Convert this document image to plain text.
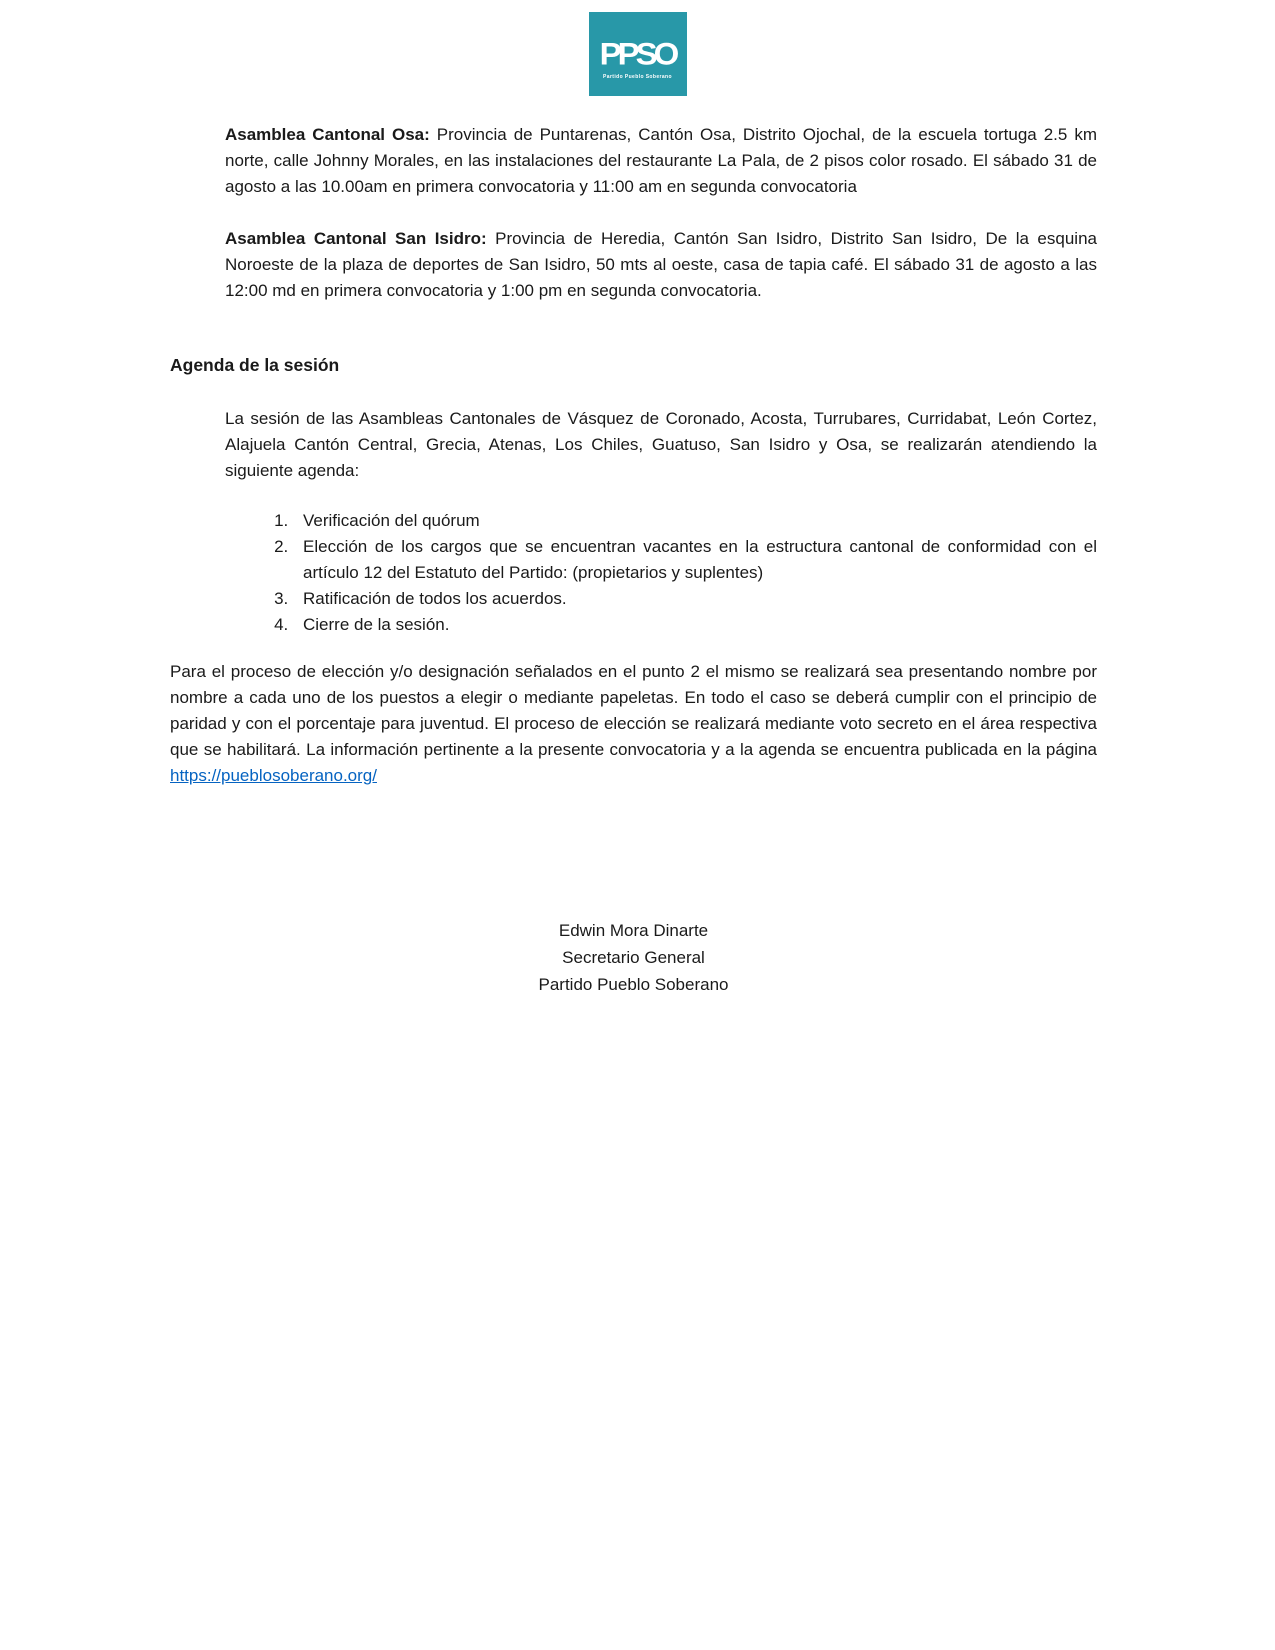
PPSO
Partido Pueblo Soberano

Asamblea Cantonal Osa: Provincia de Puntarenas, Cantón Osa, Distrito Ojochal, de la escuela tortuga 2.5 km norte, calle Johnny Morales, en las instalaciones del restaurante La Pala, de 2 pisos color rosado. El sábado 31 de agosto a las 10.00am en primera convocatoria y 11:00 am en segunda convocatoria

Asamblea Cantonal San Isidro: Provincia de Heredia, Cantón San Isidro, Distrito San Isidro, De la esquina Noroeste de la plaza de deportes de San Isidro, 50 mts al oeste, casa de tapia café. El sábado 31 de agosto a las 12:00 md en primera convocatoria y 1:00 pm en segunda convocatoria.

Agenda de la sesión

La sesión de las Asambleas Cantonales de Vásquez de Coronado, Acosta, Turrubares, Curridabat, León Cortez, Alajuela Cantón Central, Grecia, Atenas, Los Chiles, Guatuso, San Isidro y Osa, se realizarán atendiendo la siguiente agenda:

1. Verificación del quórum
2. Elección de los cargos que se encuentran vacantes en la estructura cantonal de conformidad con el artículo 12 del Estatuto del Partido: (propietarios y suplentes)
3. Ratificación de todos los acuerdos.
4. Cierre de la sesión.

Para el proceso de elección y/o designación señalados en el punto 2 el mismo se realizará sea presentando nombre por nombre a cada uno de los puestos a elegir o mediante papeletas. En todo el caso se deberá cumplir con el principio de paridad y con el porcentaje para juventud. El proceso de elección se realizará mediante voto secreto en el área respectiva que se habilitará. La información pertinente a la presente convocatoria y a la agenda se encuentra publicada en la página https://pueblosoberano.org/

Edwin Mora Dinarte
Secretario General
Partido Pueblo Soberano
